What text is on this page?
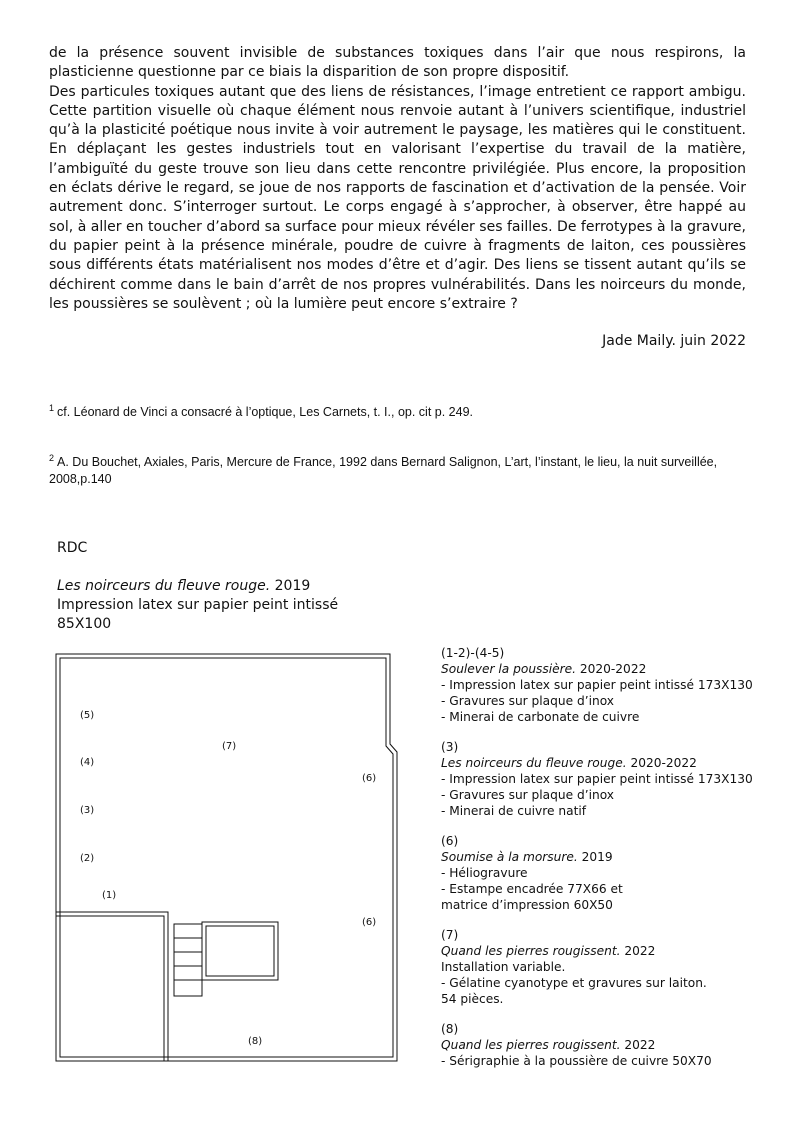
de la présence souvent invisible de substances toxiques dans l’air que nous respirons, la plasticienne questionne par ce biais la disparition de son propre dispositif.

Des particules toxiques autant que des liens de résistances, l’image entretient ce rapport ambigu. Cette partition visuelle où chaque élément nous renvoie autant à l’univers scientifique, industriel qu’à la plasticité poétique nous invite à voir autrement le paysage, les matières qui le constituent. En déplaçant les gestes industriels tout en valorisant l’expertise du travail de la matière, l’ambiguïté du geste trouve son lieu dans cette rencontre privilégiée. Plus encore, la proposition en éclats dérive le regard, se joue de nos rapports de fascination et d’activation de la pensée. Voir autrement donc. S’interroger surtout. Le corps engagé à s’approcher, à observer, être happé au sol, à aller en toucher d’abord sa surface pour mieux révéler ses failles. De ferrotypes à la gravure, du papier peint à la présence minérale, poudre de cuivre à fragments de laiton, ces poussières sous différents états matérialisent nos modes d’être et d’agir. Des liens se tissent autant qu’ils se déchirent comme dans le bain d’arrêt de nos propres vulnérabilités. Dans les noirceurs du monde, les poussières se soulèvent ; où la lumière peut encore s’extraire ?

Jade Maily. juin 2022
$^1$ cf. Léonard de Vinci a consacré à l’optique, Les Carnets, t. I., op. cit p. 249.
$^2$ A. Du Bouchet, Axiales, Paris, Mercure de France, 1992 dans Bernard Salignon, L’art, l’instant, le lieu, la nuit surveillée, 2008,p.140
RDC
Les noirceurs du fleuve rouge. 2019
Impression latex sur papier peint intissé
85X100
(5)
(4)
(3)
(2)
(1)
(7)
(6)
(6)
(8)
(1-2)-(4-5)
Soulever la poussière. 2020-2022
- Impression latex sur papier peint intissé 173X130
- Gravures sur plaque d’inox
- Minerai de carbonate de cuivre
(3)
Les noirceurs du fleuve rouge. 2020-2022
- Impression latex sur papier peint intissé 173X130
- Gravures sur plaque d’inox
- Minerai de cuivre natif
(6)
Soumise à la morsure. 2019
- Héliogravure
- Estampe encadrée 77X66 et
matrice d’impression 60X50
(7)
Quand les pierres rougissent. 2022
Installation variable.
- Gélatine cyanotype et gravures sur laiton.
54 pièces.
(8)
Quand les pierres rougissent. 2022
- Sérigraphie à la poussière de cuivre 50X70
